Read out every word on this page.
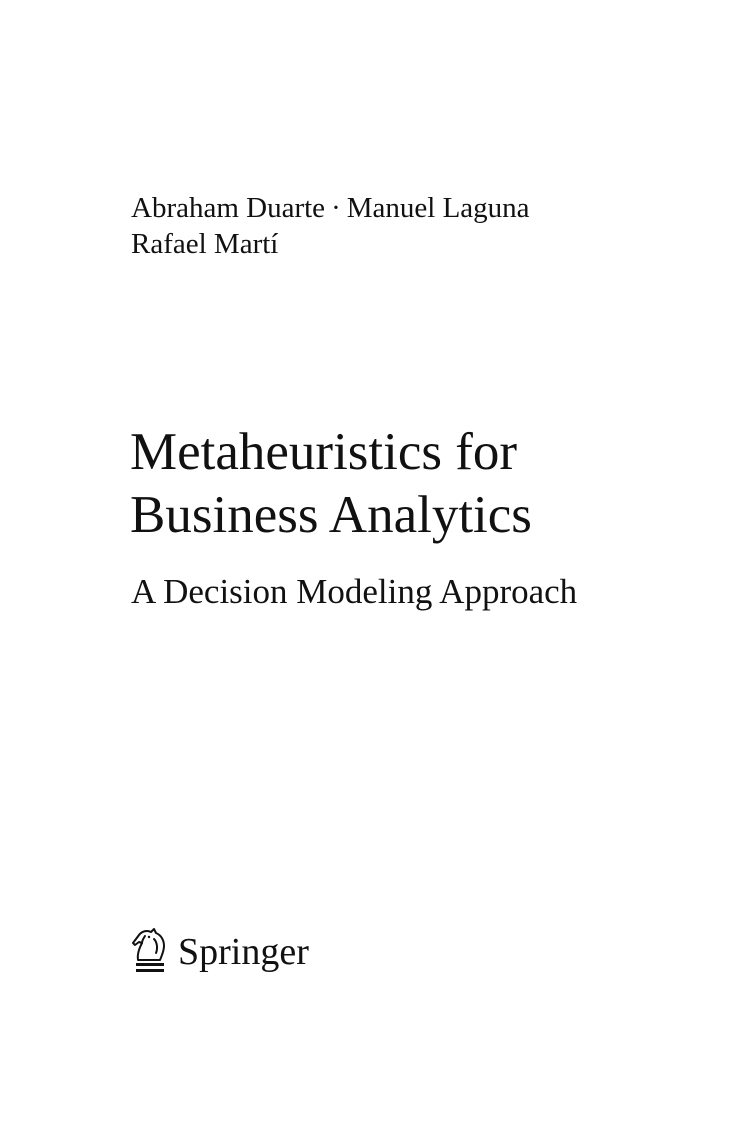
Abraham Duarte · Manuel Laguna
Rafael Martí
Metaheuristics for
Business Analytics
A Decision Modeling Approach
Springer
